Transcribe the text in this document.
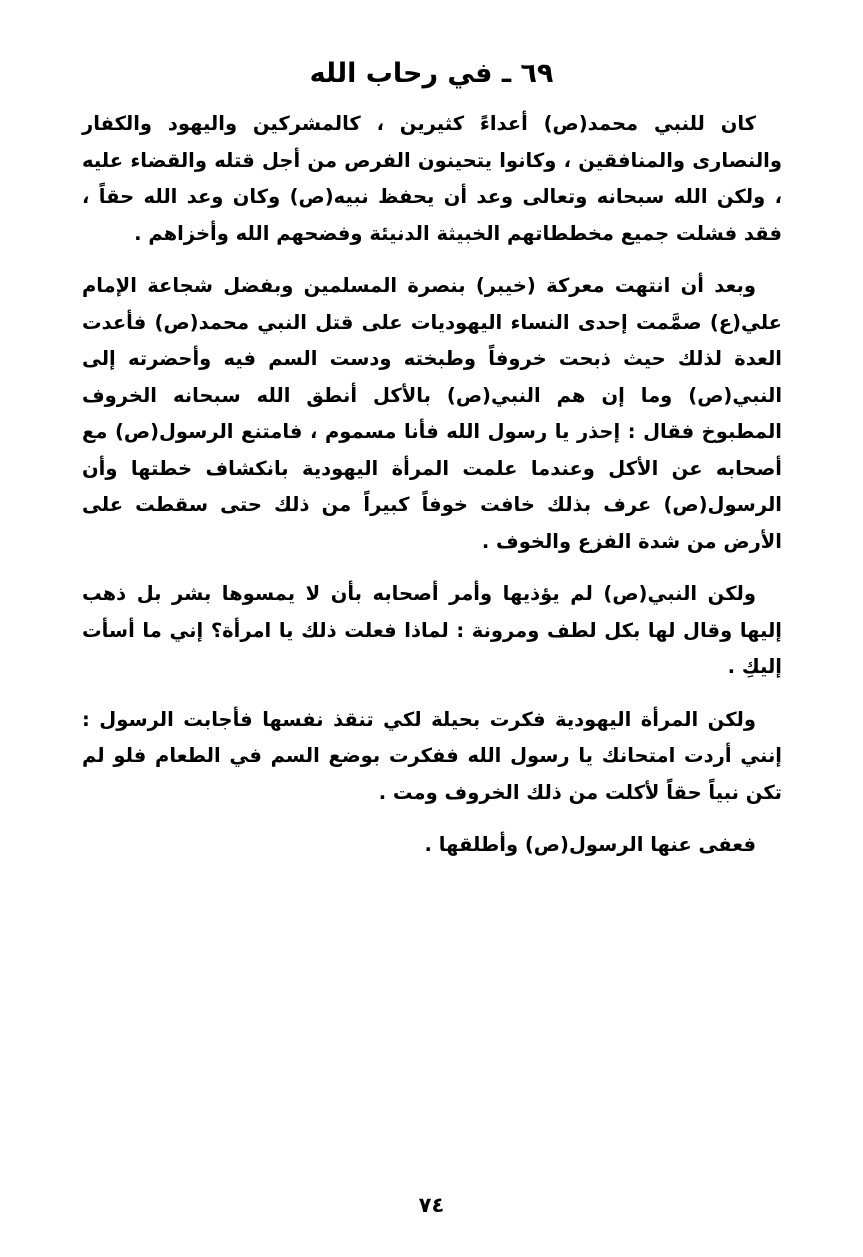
٦٩ ـ في رحاب الله

كان للنبي محمد(ص) أعداءً كثيرين ، كالمشركين واليهود والكفار والنصارى والمنافقين ، وكانوا يتحينون الفرص من أجل قتله والقضاء عليه ، ولكن الله سبحانه وتعالى وعد أن يحفظ نبيه(ص) وكان وعد الله حقاً ، فقد فشلت جميع مخططاتهم الخبيثة الدنيئة وفضحهم الله وأخزاهم .

وبعد أن انتهت معركة (خيبر) بنصرة المسلمين وبفضل شجاعة الإمام علي(ع) صمَّمت إحدى النساء اليهوديات على قتل النبي محمد(ص) فأعدت العدة لذلك حيث ذبحت خروفاً وطبخته ودست السم فيه وأحضرته إلى النبي(ص) وما إن هم النبي(ص) بالأكل أنطق الله سبحانه الخروف المطبوخ فقال : إحذر يا رسول الله فأنا مسموم ، فامتنع الرسول(ص) مع أصحابه عن الأكل وعندما علمت المرأة اليهودية بانكشاف خطتها وأن الرسول(ص) عرف بذلك خافت خوفاً كبيراً من ذلك حتى سقطت على الأرض من شدة الفزع والخوف .

ولكن النبي(ص) لم يؤذيها وأمر أصحابه بأن لا يمسوها بشر بل ذهب إليها وقال لها بكل لطف ومرونة : لماذا فعلت ذلك يا امرأة؟ إني ما أسأت إليكِ .

ولكن المرأة اليهودية فكرت بحيلة لكي تنقذ نفسها فأجابت الرسول : إنني أردت امتحانك يا رسول الله ففكرت بوضع السم في الطعام فلو لم تكن نبياً حقاً لأكلت من ذلك الخروف ومت .

فعفى عنها الرسول(ص) وأطلقها .

٧٤
